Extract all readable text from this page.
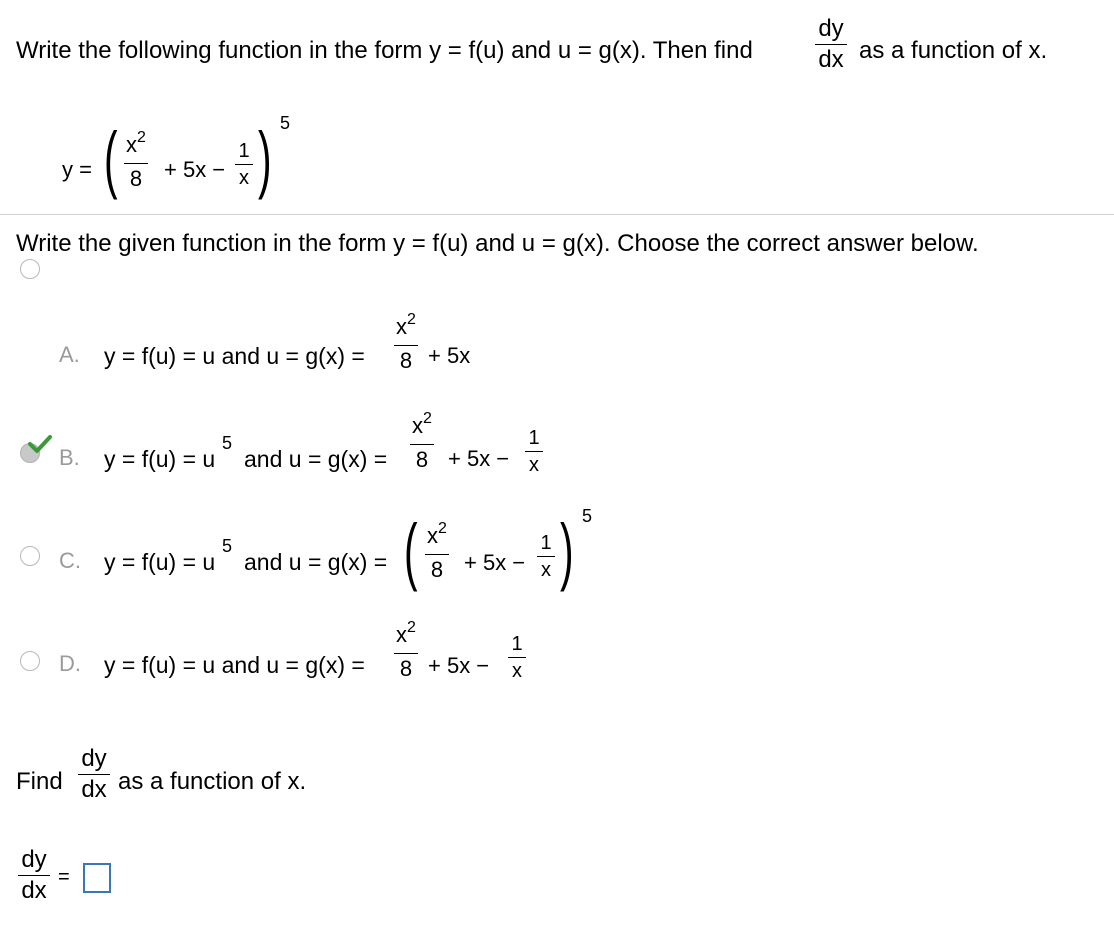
Write the following function in the form y = f(u) and u = g(x). Then find
dy
dx as a function of x.
y = ( $x^2$
8 + 5x −
1
x ) 5
Write the given function in the form y = f(u) and u = g(x). Choose the correct answer below.
A. y = f(u) = u and u = g(x) =
$x^2$
8 + 5x
B. y = f(u) = u
5
and u = g(x) =
$x^2$
8 + 5x −
1
x
C. y = f(u) = u
5
and u = g(x) = ( $x^2$
8 + 5x −
1
x ) 5
D. y = f(u) = u and u = g(x) =
$x^2$
8 + 5x −
1
x
Find
dy
dx as a function of x.
dy
dx =
